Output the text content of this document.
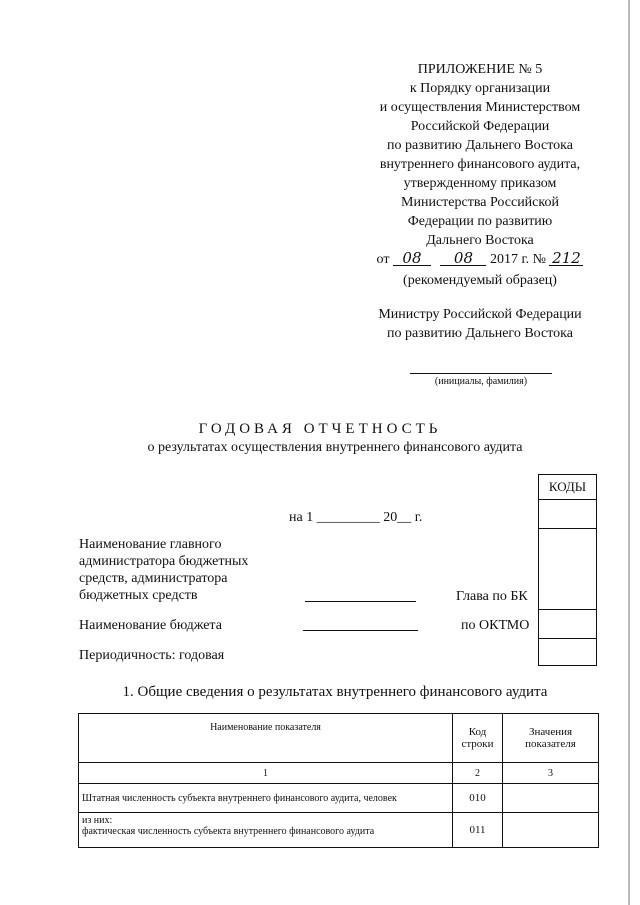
ПРИЛОЖЕНИЕ № 5
к Порядку организации
и осуществления Министерством
Российской Федерации
по развитию Дальнего Востока
внутреннего финансового аудита,
утвержденному приказом
Министерства Российской
Федерации по развитию
Дальнего Востока
от 08 08 2017 г. № 212
(рекомендуемый образец)
Министру Российской Федерации
по развитию Дальнего Востока
(инициалы, фамилия)
ГОДОВАЯ ОТЧЕТНОСТЬ
о результатах осуществления внутреннего финансового аудита
КОДЫ
на 1 _________ 20__ г.
Наименование главного
администратора бюджетных
средств, администратора
бюджетных средств	Глава по БК
Наименование бюджета	по ОКТМО
Периодичность: годовая
1. Общие сведения о результатах внутреннего финансового аудита
Наименование показателя	Код строки	Значения показателя
1	2	3
Штатная численность субъекта внутреннего финансового аудита, человек	010	

из них:
фактическая численность субъекта внутреннего финансового аудита	011	
